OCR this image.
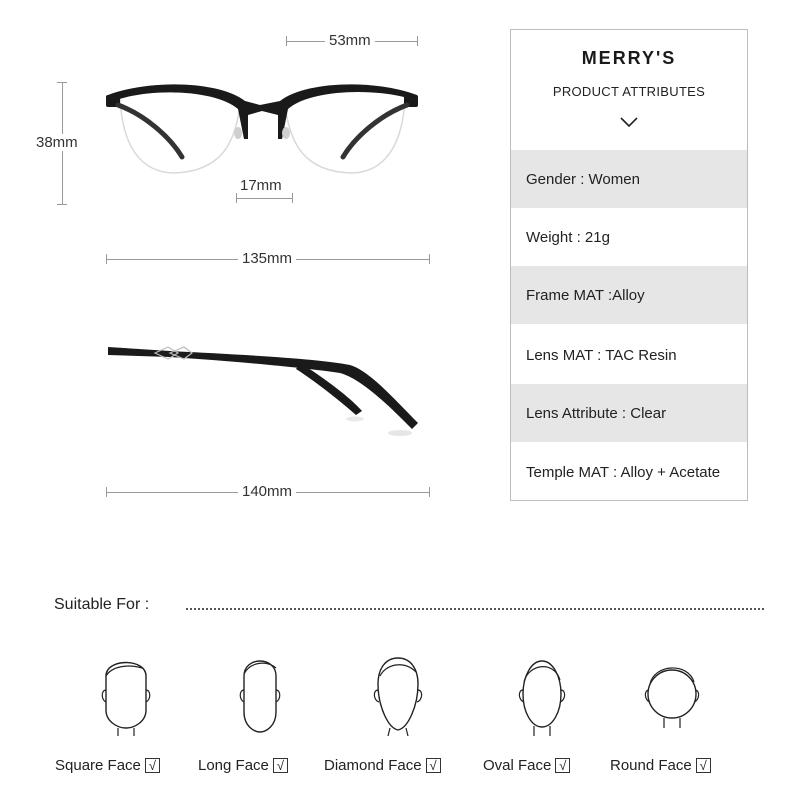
53mm
38mm
17mm
135mm
140mm
MERRY'S
PRODUCT ATTRIBUTES
Gender : Women
Weight : 21g
Frame MAT :Alloy
Lens MAT : TAC Resin
Lens Attribute : Clear
Temple MAT : Alloy + Acetate
Suitable For :
Square Face √	Long Face √	Diamond Face √	Oval Face √	Round Face √
